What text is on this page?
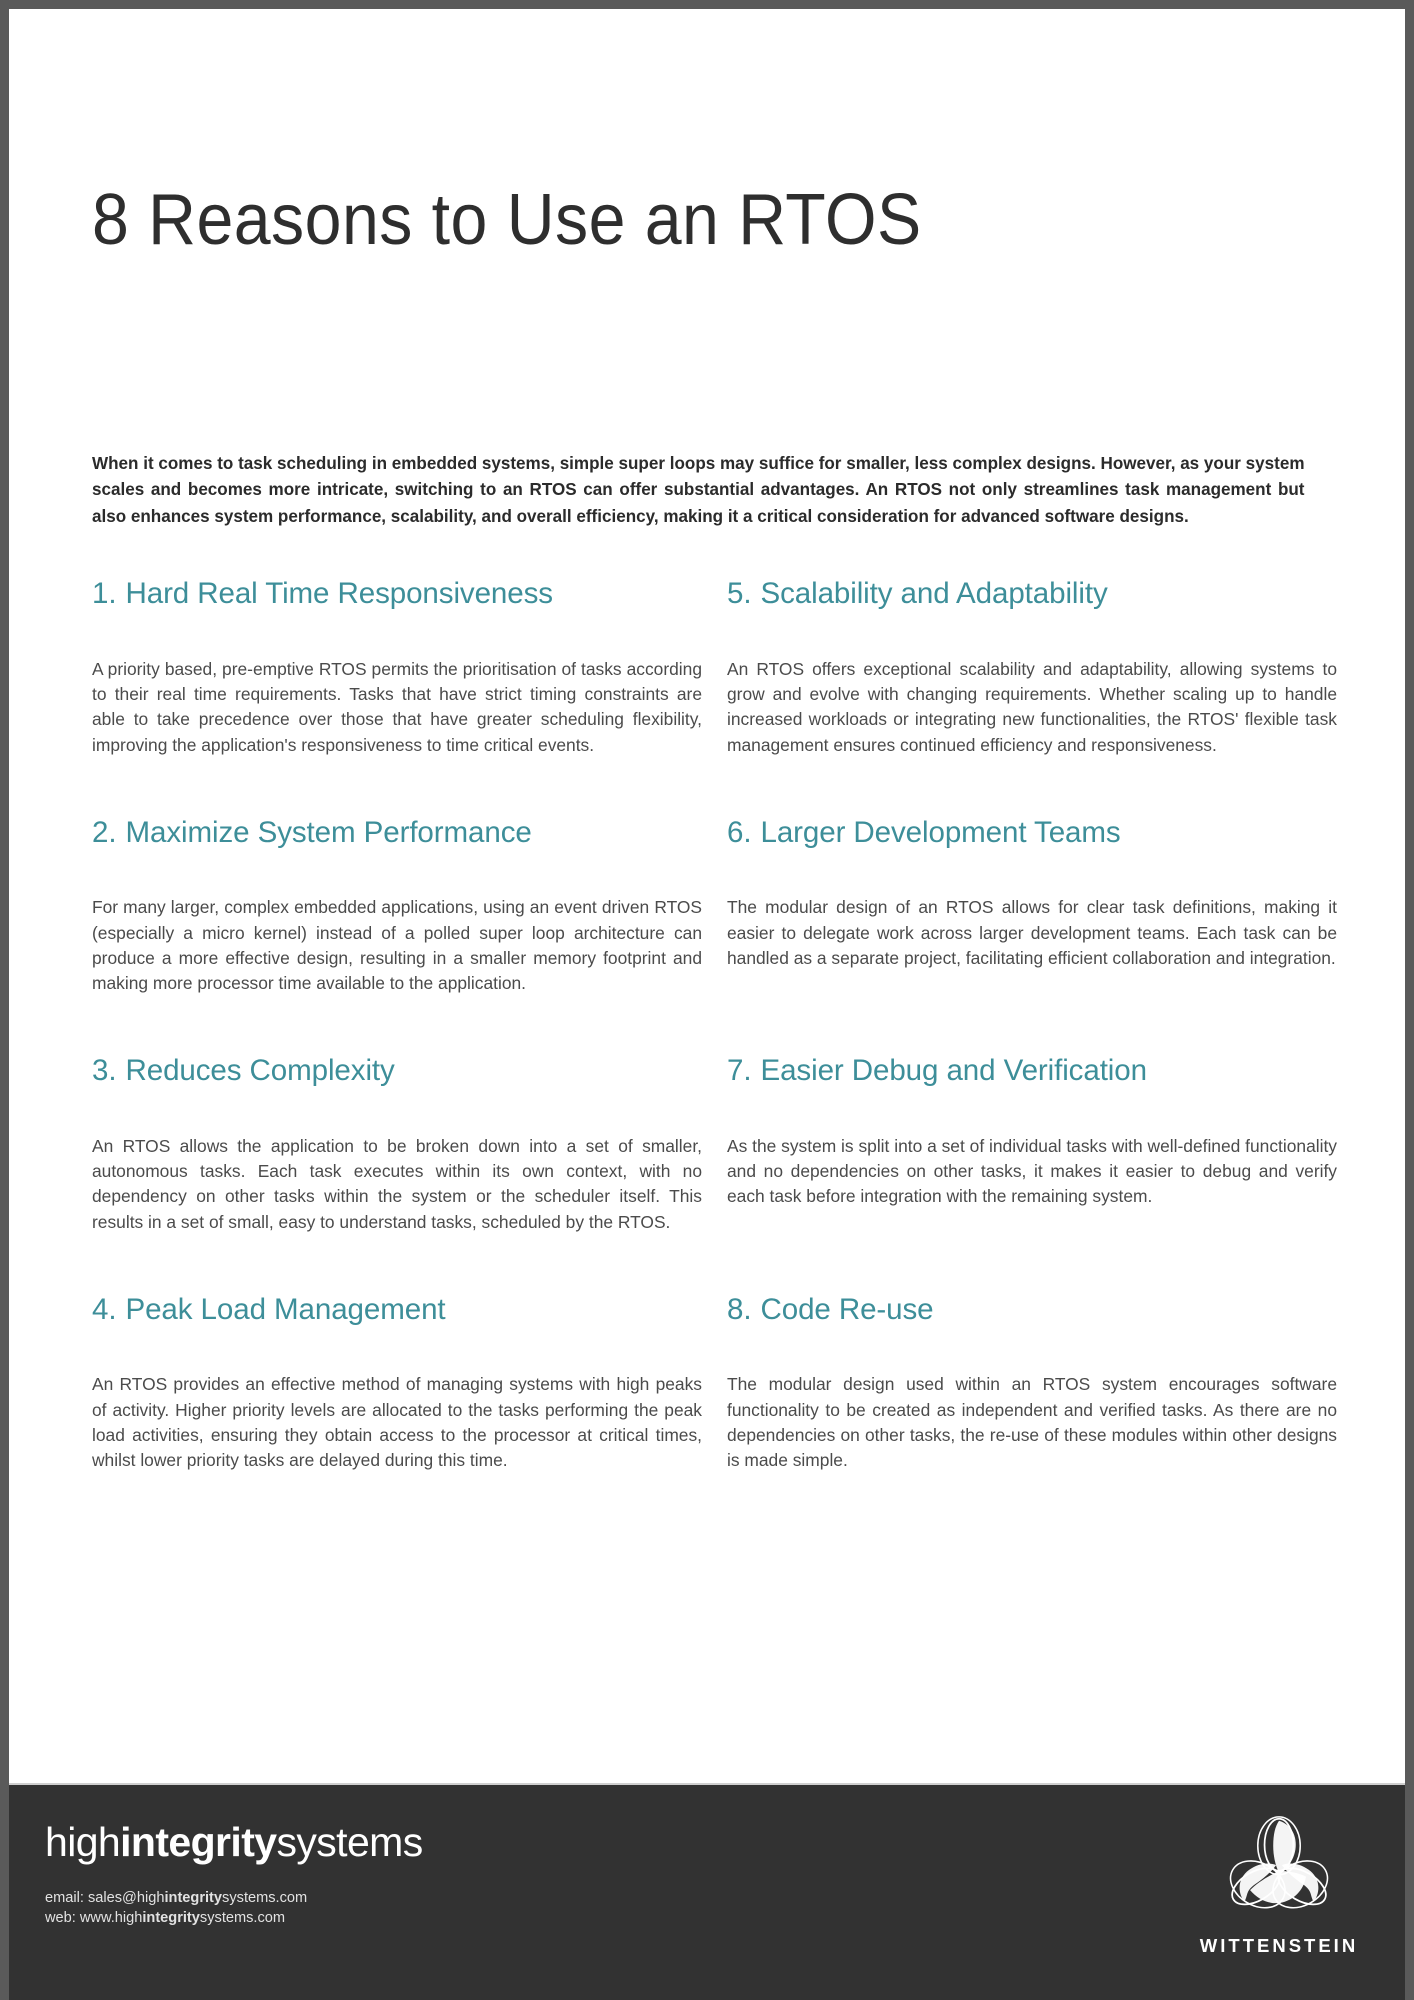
8 Reasons to Use an RTOS

When it comes to task scheduling in embedded systems, simple super loops may suffice for smaller, less complex designs. However, as your system scales and becomes more intricate, switching to an RTOS can offer substantial advantages. An RTOS not only streamlines task management but also enhances system performance, scalability, and overall efficiency, making it a critical consideration for advanced software designs.

1. Hard Real Time Responsiveness
A priority based, pre-emptive RTOS permits the prioritisation of tasks according to their real time requirements. Tasks that have strict timing constraints are able to take precedence over those that have greater scheduling flexibility, improving the application's responsiveness to time critical events.
2. Maximize System Performance
For many larger, complex embedded applications, using an event driven RTOS (especially a micro kernel) instead of a polled super loop architecture can produce a more effective design, resulting in a smaller memory footprint and making more processor time available to the application.
3. Reduces Complexity
An RTOS allows the application to be broken down into a set of smaller, autonomous tasks. Each task executes within its own context, with no dependency on other tasks within the system or the scheduler itself. This results in a set of small, easy to understand tasks, scheduled by the RTOS.
4. Peak Load Management
An RTOS provides an effective method of managing systems with high peaks of activity. Higher priority levels are allocated to the tasks performing the peak load activities, ensuring they obtain access to the processor at critical times, whilst lower priority tasks are delayed during this time.
5. Scalability and Adaptability
An RTOS offers exceptional scalability and adaptability, allowing systems to grow and evolve with changing requirements. Whether scaling up to handle increased workloads or integrating new functionalities, the RTOS' flexible task management ensures continued efficiency and responsiveness.
6. Larger Development Teams
The modular design of an RTOS allows for clear task definitions, making it easier to delegate work across larger development teams. Each task can be handled as a separate project, facilitating efficient collaboration and integration.
7. Easier Debug and Verification
As the system is split into a set of individual tasks with well-defined functionality and no dependencies on other tasks, it makes it easier to debug and verify each task before integration with the remaining system.
8. Code Re-use
The modular design used within an RTOS system encourages software functionality to be created as independent and verified tasks. As there are no dependencies on other tasks, the re-use of these modules within other designs is made simple.
highintegritysystems
email: sales@highintegritysystems.com
web: www.highintegritysystems.com
WITTENSTEIN
